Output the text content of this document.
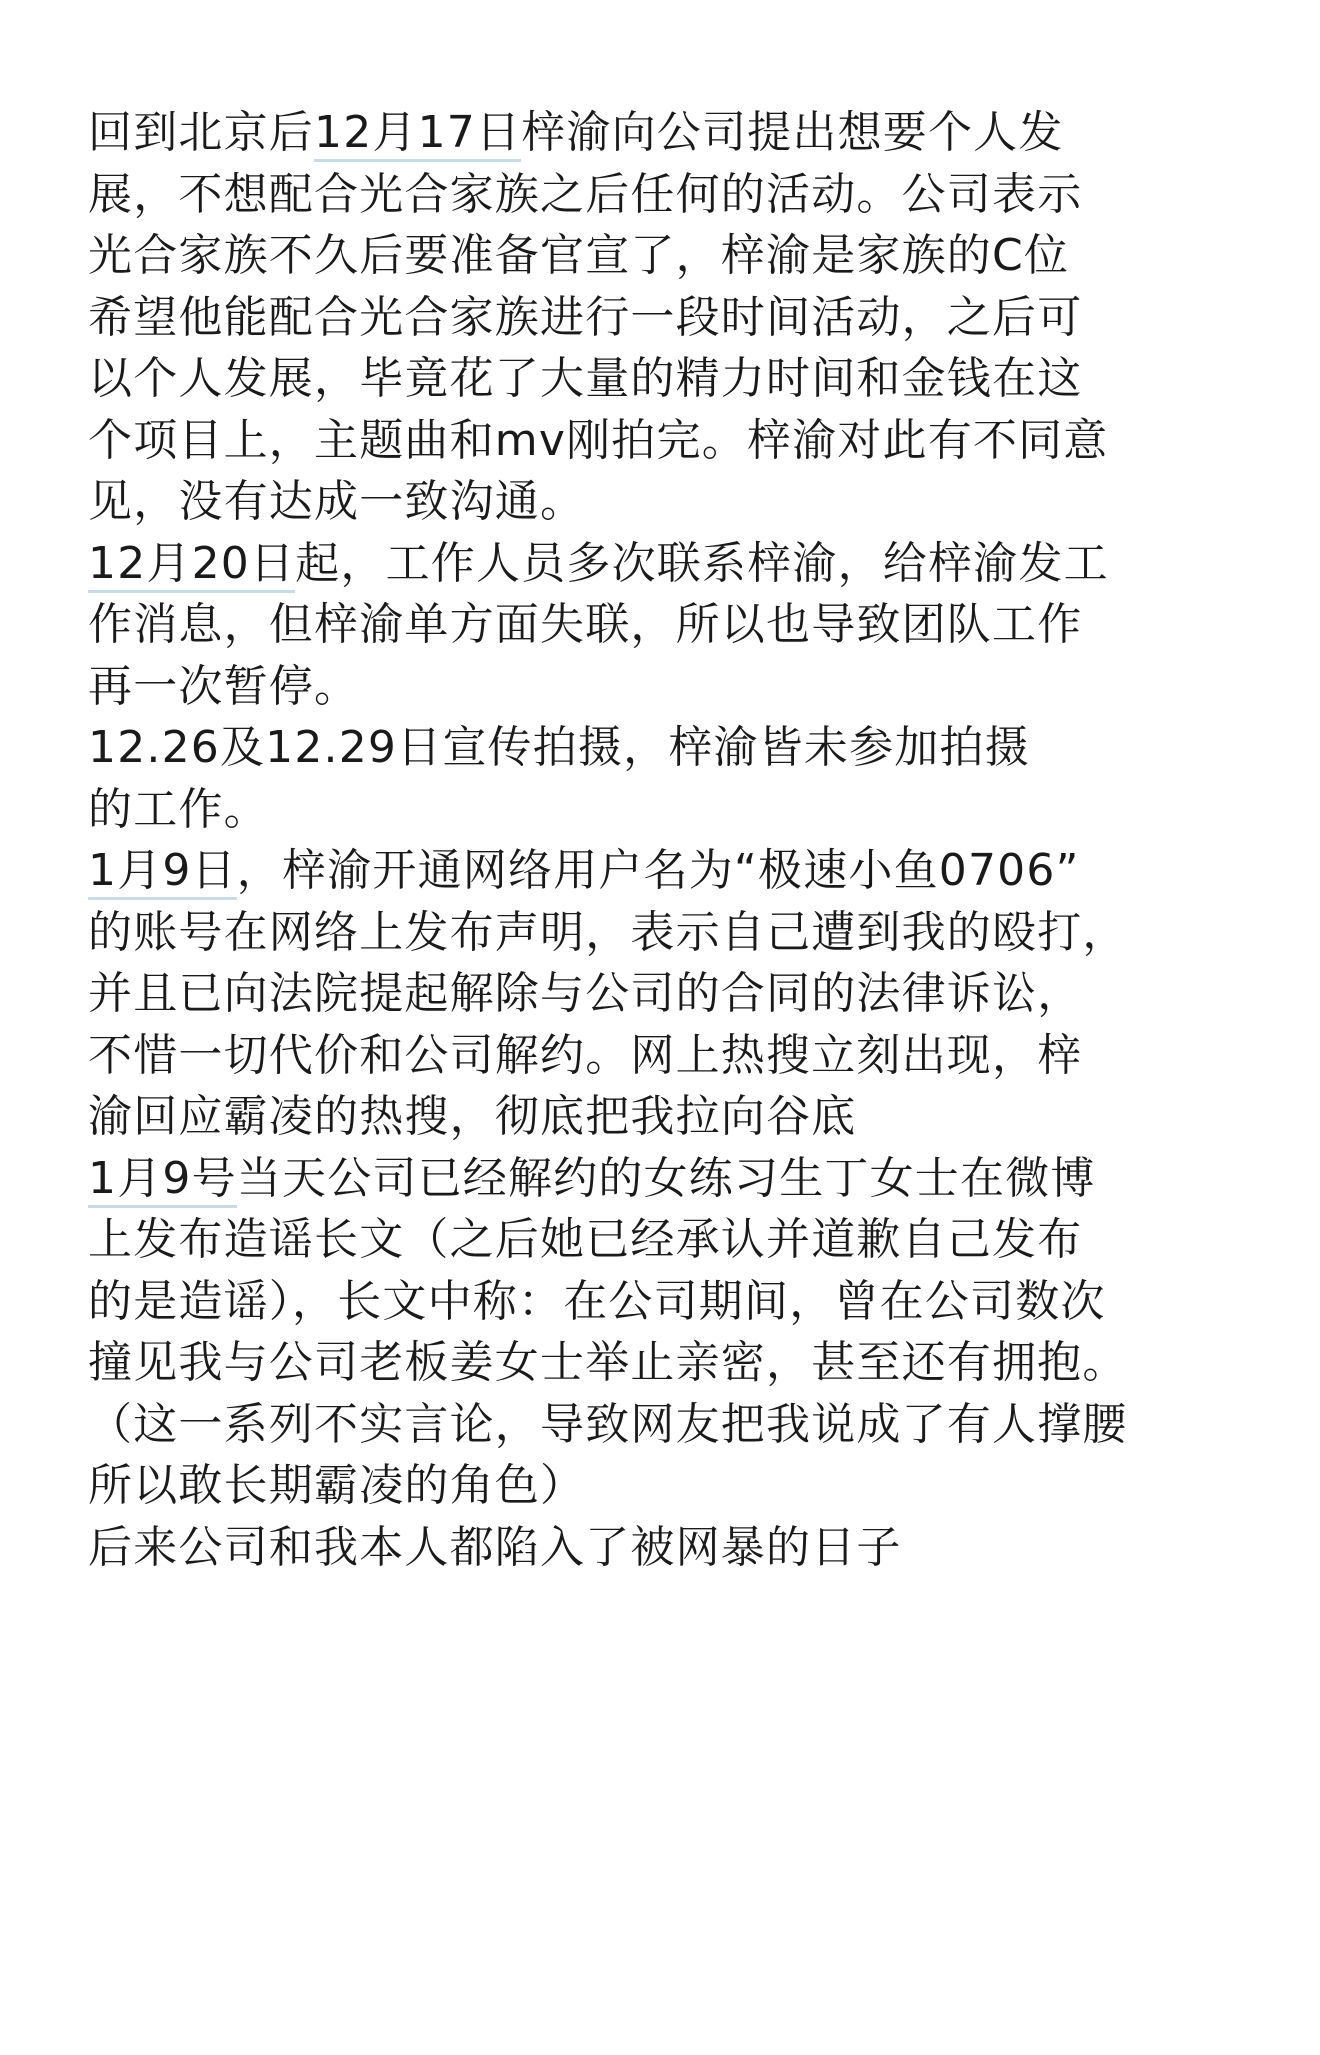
回到北京后12月17日梓渝向公司提出想要个人发
展，不想配合光合家族之后任何的活动。公司表示
光合家族不久后要准备官宣了，梓渝是家族的C位
希望他能配合光合家族进行一段时间活动，之后可
以个人发展，毕竟花了大量的精力时间和金钱在这
个项目上，主题曲和mv刚拍完。梓渝对此有不同意
见，没有达成一致沟通。
12月20日起，工作人员多次联系梓渝，给梓渝发工
作消息，但梓渝单方面失联，所以也导致团队工作
再一次暂停。
12.26及12.29日宣传拍摄，梓渝皆未参加拍摄
的工作。
1月9日，梓渝开通网络用户名为“极速小鱼0706”
的账号在网络上发布声明，表示自己遭到我的殴打，
并且已向法院提起解除与公司的合同的法律诉讼，
不惜一切代价和公司解约。网上热搜立刻出现，梓
渝回应霸凌的热搜，彻底把我拉向谷底
1月9号当天公司已经解约的女练习生丁女士在微博
上发布造谣长文（之后她已经承认并道歉自己发布
的是造谣），长文中称：在公司期间，曾在公司数次
撞见我与公司老板姜女士举止亲密，甚至还有拥抱。
（这一系列不实言论，导致网友把我说成了有人撑腰
所以敢长期霸凌的角色）
后来公司和我本人都陷入了被网暴的日子
